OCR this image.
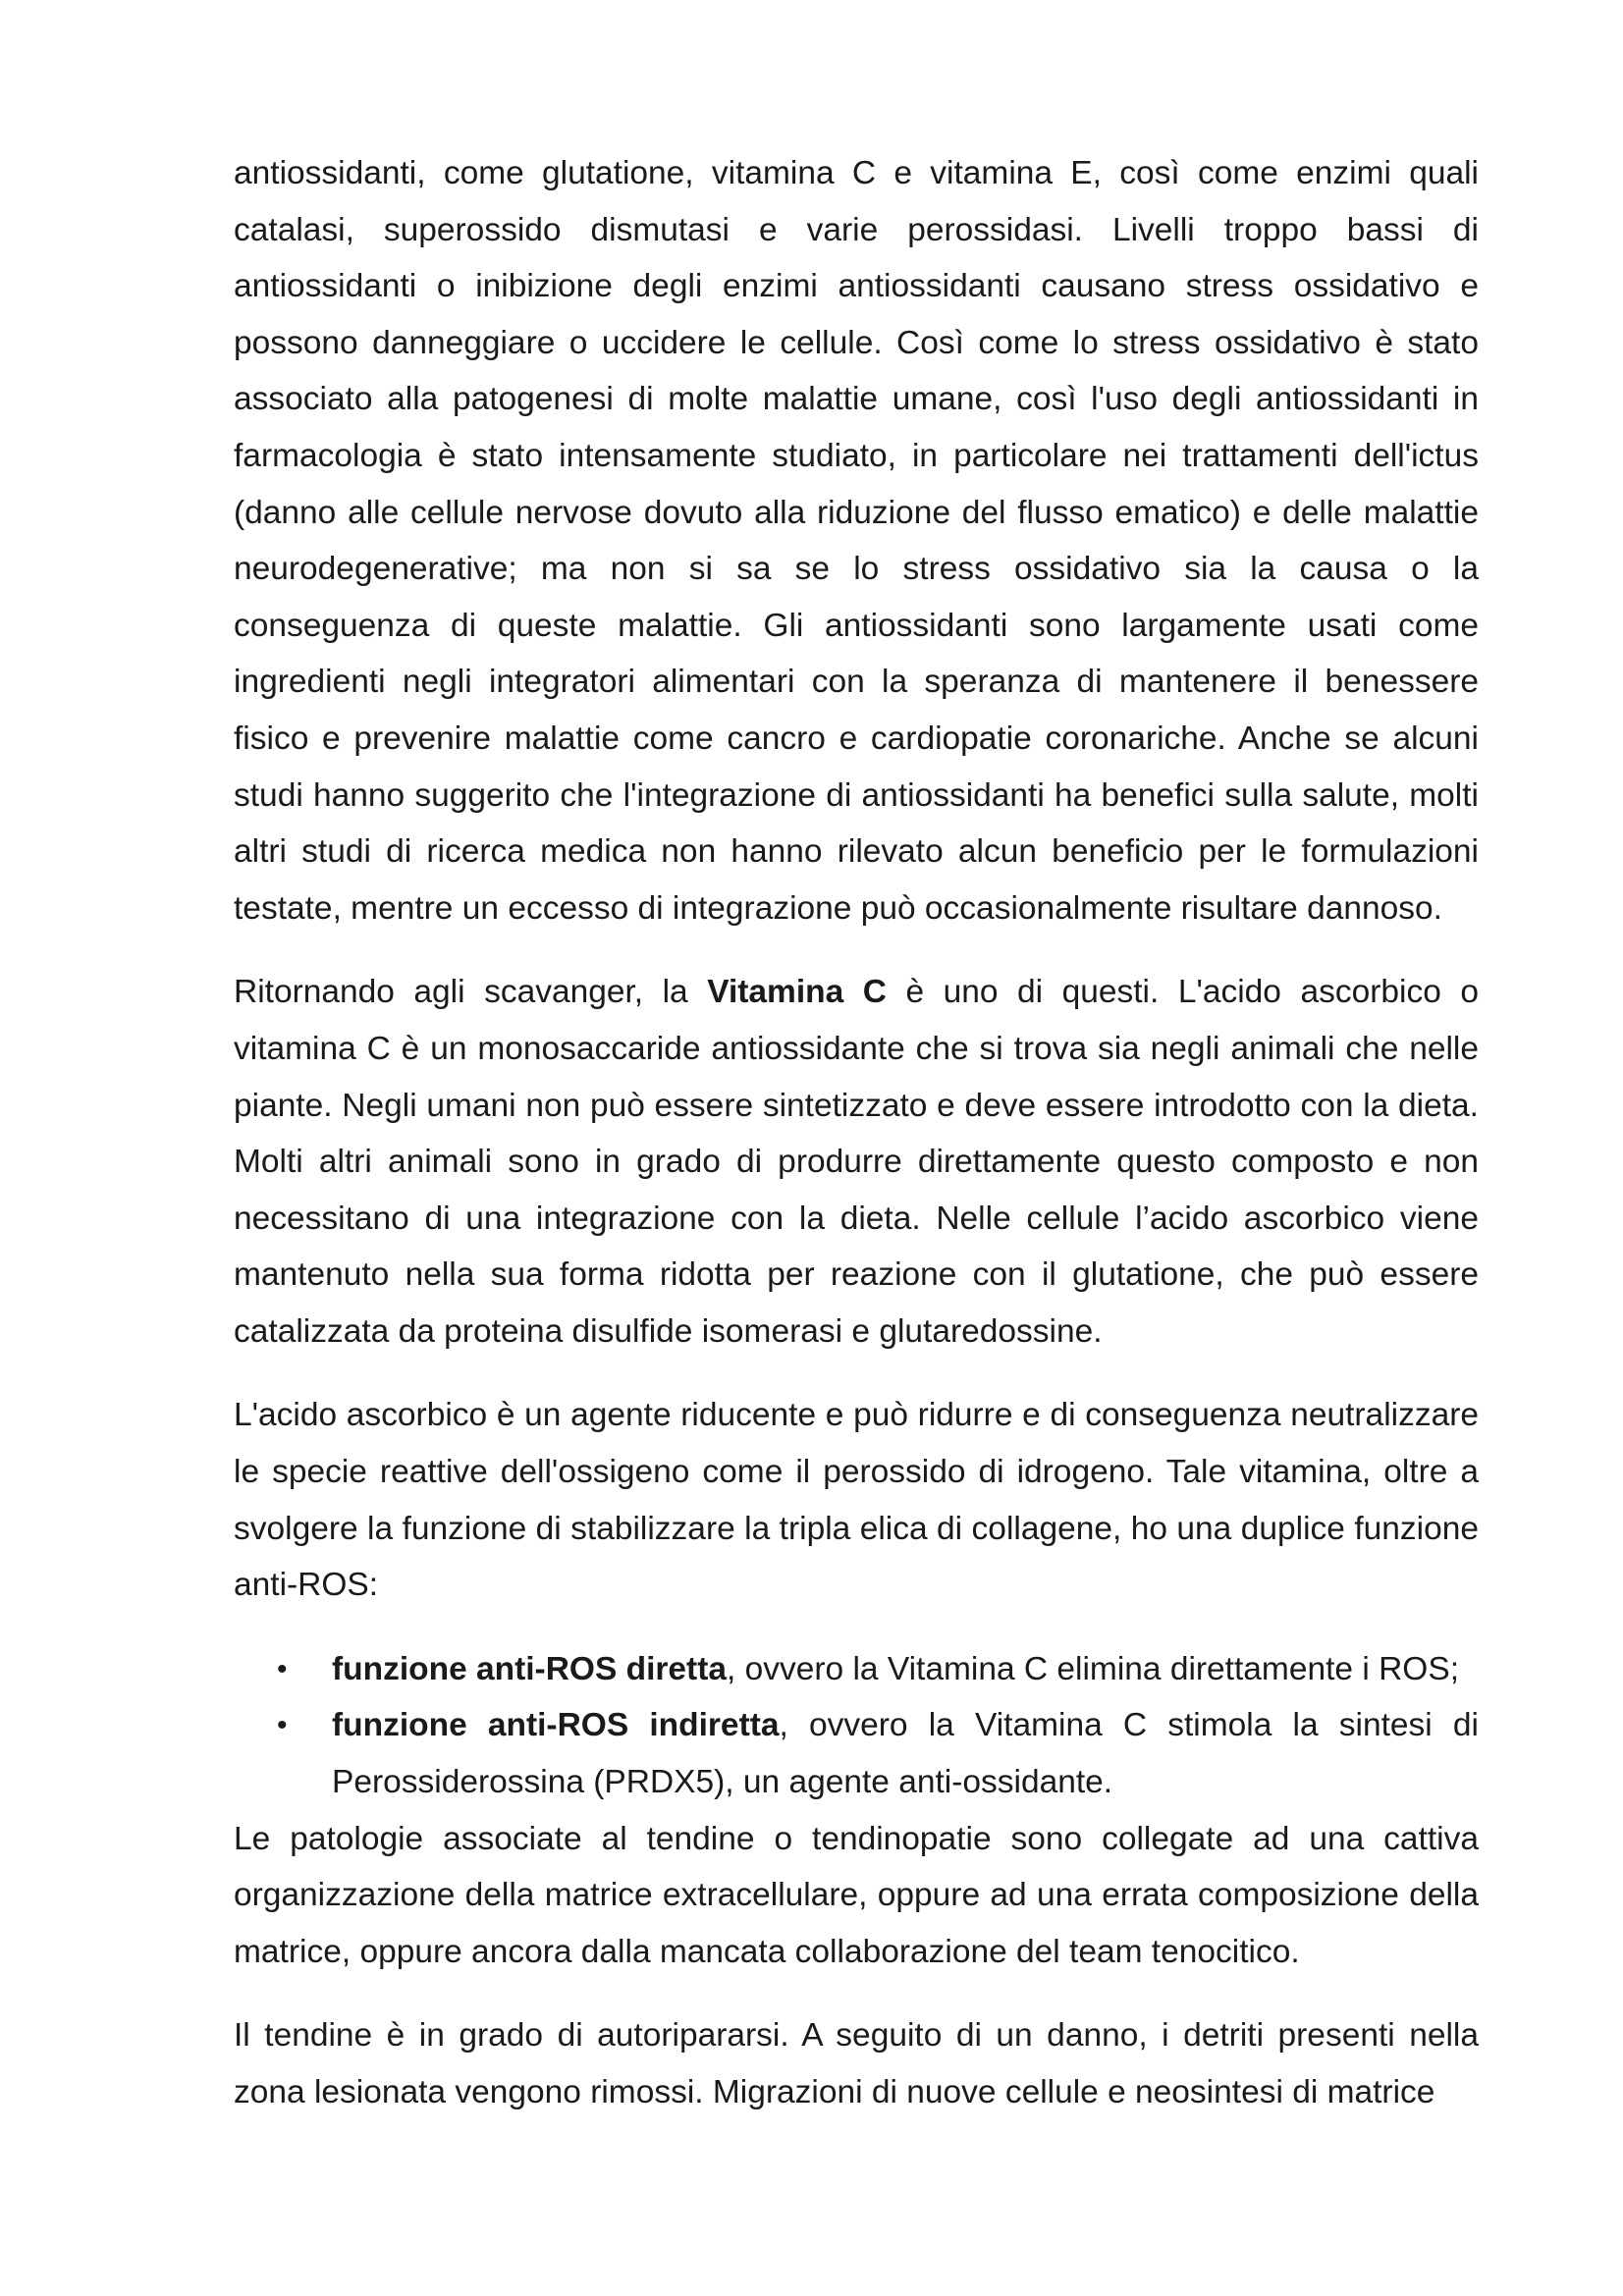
antiossidanti, come glutatione, vitamina C e vitamina E, così come enzimi quali catalasi, superossido dismutasi e varie perossidasi. Livelli troppo bassi di antiossidanti o inibizione degli enzimi antiossidanti causano stress ossidativo e possono danneggiare o uccidere le cellule. Così come lo stress ossidativo è stato associato alla patogenesi di molte malattie umane, così l'uso degli antiossidanti in farmacologia è stato intensamente studiato, in particolare nei trattamenti dell'ictus (danno alle cellule nervose dovuto alla riduzione del flusso ematico) e delle malattie neurodegenerative; ma non si sa se lo stress ossidativo sia la causa o la conseguenza di queste malattie. Gli antiossidanti sono largamente usati come ingredienti negli integratori alimentari con la speranza di mantenere il benessere fisico e prevenire malattie come cancro e cardiopatie coronariche. Anche se alcuni studi hanno suggerito che l'integrazione di antiossidanti ha benefici sulla salute, molti altri studi di ricerca medica non hanno rilevato alcun beneficio per le formulazioni testate, mentre un eccesso di integrazione può occasionalmente risultare dannoso.

Ritornando agli scavanger, la Vitamina C è uno di questi. L'acido ascorbico o vitamina C è un monosaccaride antiossidante che si trova sia negli animali che nelle piante. Negli umani non può essere sintetizzato e deve essere introdotto con la dieta. Molti altri animali sono in grado di produrre direttamente questo composto e non necessitano di una integrazione con la dieta. Nelle cellule l’acido ascorbico viene mantenuto nella sua forma ridotta per reazione con il glutatione, che può essere catalizzata da proteina disulfide isomerasi e glutaredossine.

L'acido ascorbico è un agente riducente e può ridurre e di conseguenza neutralizzare le specie reattive dell'ossigeno come il perossido di idrogeno. Tale vitamina, oltre a svolgere la funzione di stabilizzare la tripla elica di collagene, ho una duplice funzione anti-ROS:

• funzione anti-ROS diretta, ovvero la Vitamina C elimina direttamente i ROS;
• funzione anti-ROS indiretta, ovvero la Vitamina C stimola la sintesi di Perossiderossina (PRDX5), un agente anti-ossidante.

Le patologie associate al tendine o tendinopatie sono collegate ad una cattiva organizzazione della matrice extracellulare, oppure ad una errata composizione della matrice, oppure ancora dalla mancata collaborazione del team tenocitico.

Il tendine è in grado di autoripararsi. A seguito di un danno, i detriti presenti nella zona lesionata vengono rimossi. Migrazioni di nuove cellule e neosintesi di matrice
